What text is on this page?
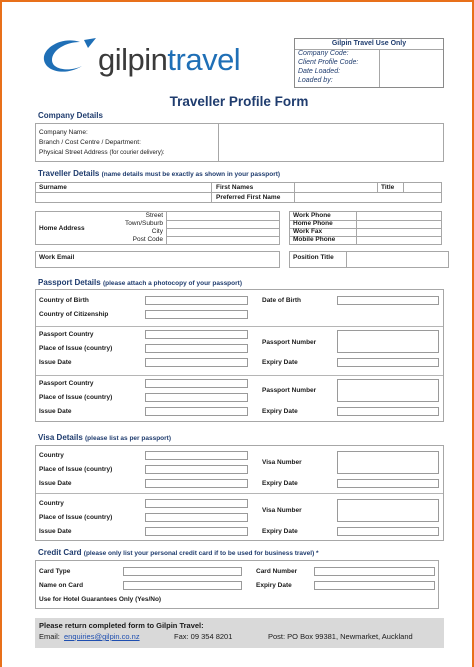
gilpintravel	Gilpin Travel Use Only
Company Code:
Client Profile Code:
Date Loaded:
Loaded by:
Traveller Profile Form
Company Details
Company Name:
Branch / Cost Centre / Department:
Physical Street Address (for courier delivery):
Traveller Details (name details must be exactly as shown in your passport)
Surname	First Names	Title
Preferred First Name
Home Address
Street
Town/Suburb
City
Post Code
Work Phone
Home Phone
Work Fax
Mobile Phone
Work Email	Position Title
Passport Details (please attach a photocopy of your passport)
Country of Birth	Date of Birth
Country of Citizenship
Passport Country
Place of Issue (country)
Issue Date
Passport Number
Expiry Date
Passport Country
Place of Issue (country)
Issue Date
Passport Number
Expiry Date
Visa Details (please list as per passport)
Country
Place of Issue (country)
Issue Date
Visa Number
Expiry Date
Country
Place of Issue (country)
Issue Date
Visa Number
Expiry Date
Credit Card (please only list your personal credit card if to be used for business travel) *
Card Type	Card Number
Name on Card	Expiry Date
Use for Hotel Guarantees Only (Yes/No)
Please return completed form to Gilpin Travel:
Email: enquiries@gilpin.co.nz	Fax: 09 354 8201	Post: PO Box 99381, Newmarket, Auckland
